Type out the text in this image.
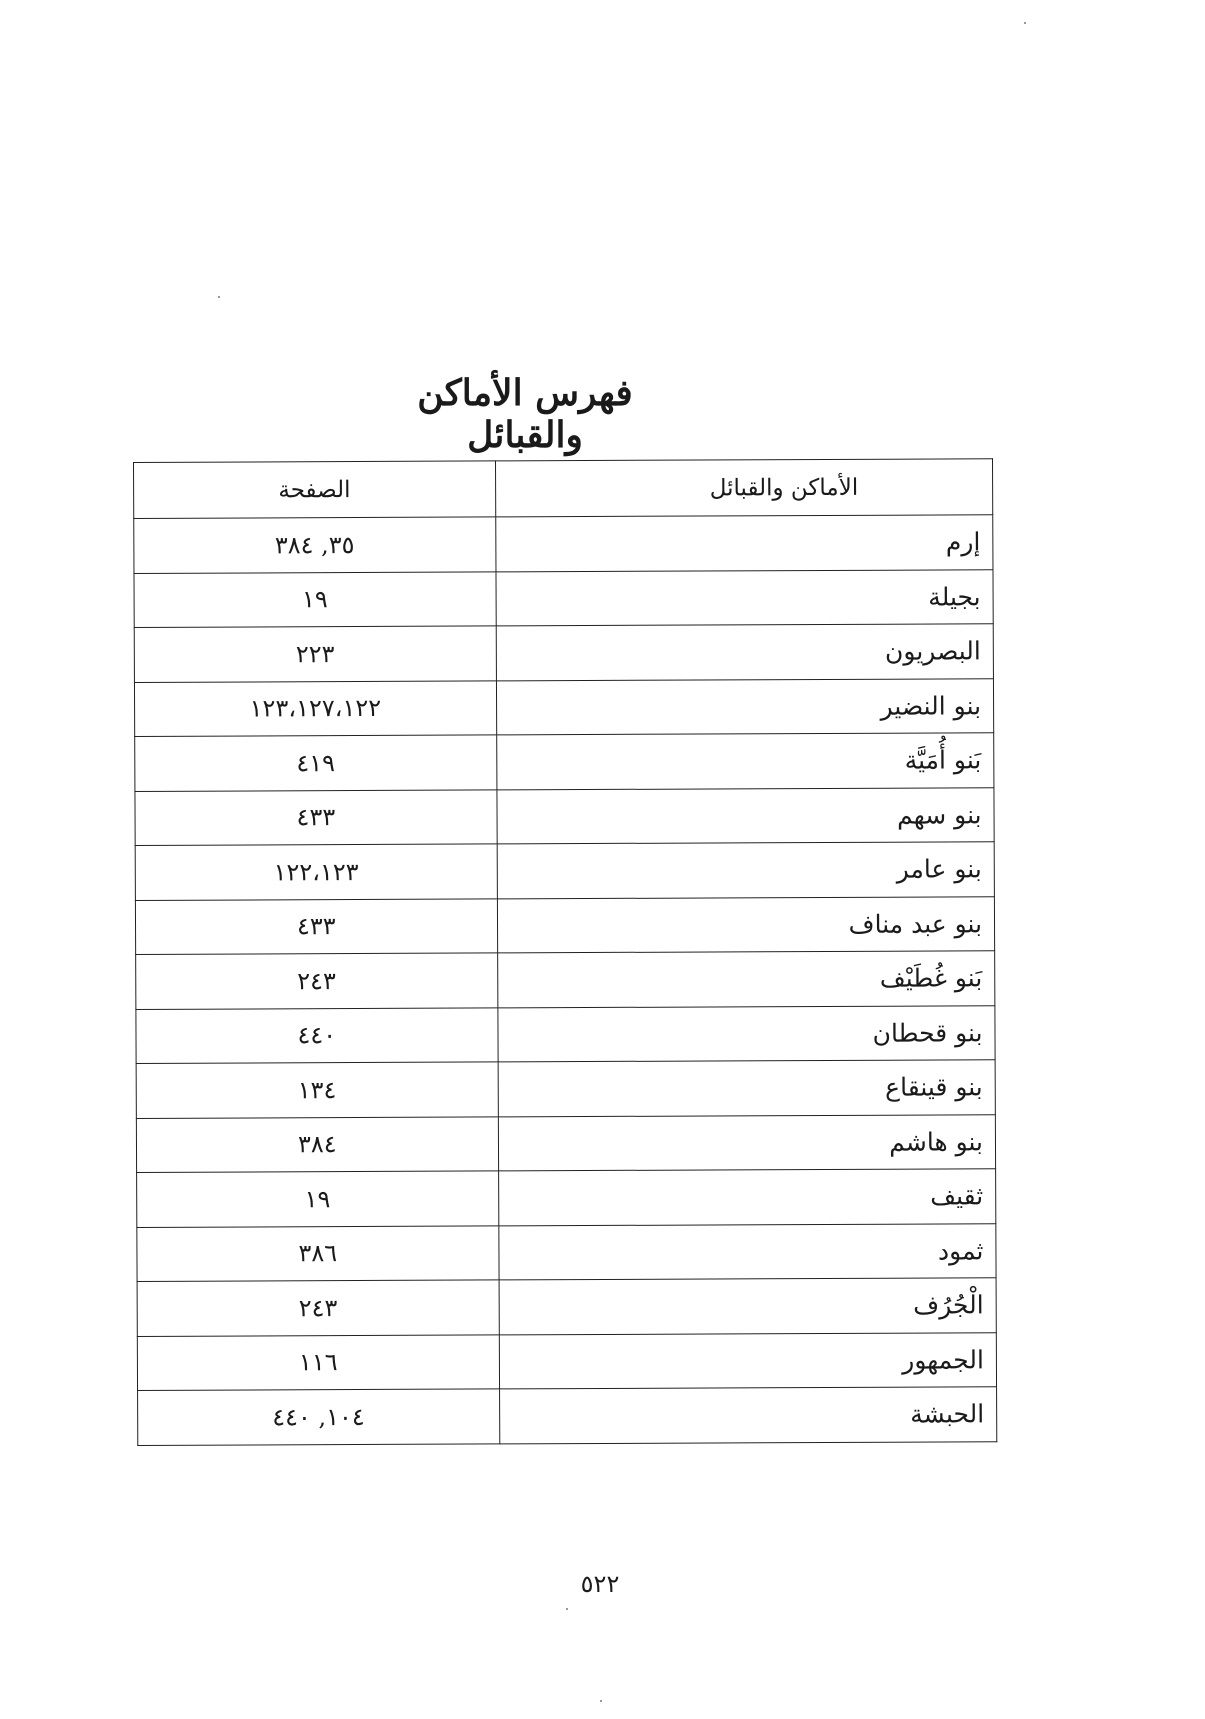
فهرس الأماكن والقبائل
الأماكن والقبائل	الصفحة
إرم	٣٥, ٣٨٤
بجيلة	١٩
البصريون	٢٢٣
بنو النضير	١٢٣،١٢٧،١٢٢
بَنو أُمَيَّة	٤١٩
بنو سهم	٤٣٣
بنو عامر	١٢٢،١٢٣
بنو عبد مناف	٤٣٣
بَنو غُطَيْف	٢٤٣
بنو قحطان	٤٤٠
بنو قينقاع	١٣٤
بنو هاشم	٣٨٤
ثقيف	١٩
ثمود	٣٨٦
الْجُرُف	٢٤٣
الجمهور	١١٦
الحبشة	١٠٤, ٤٤٠
٥٢٢
